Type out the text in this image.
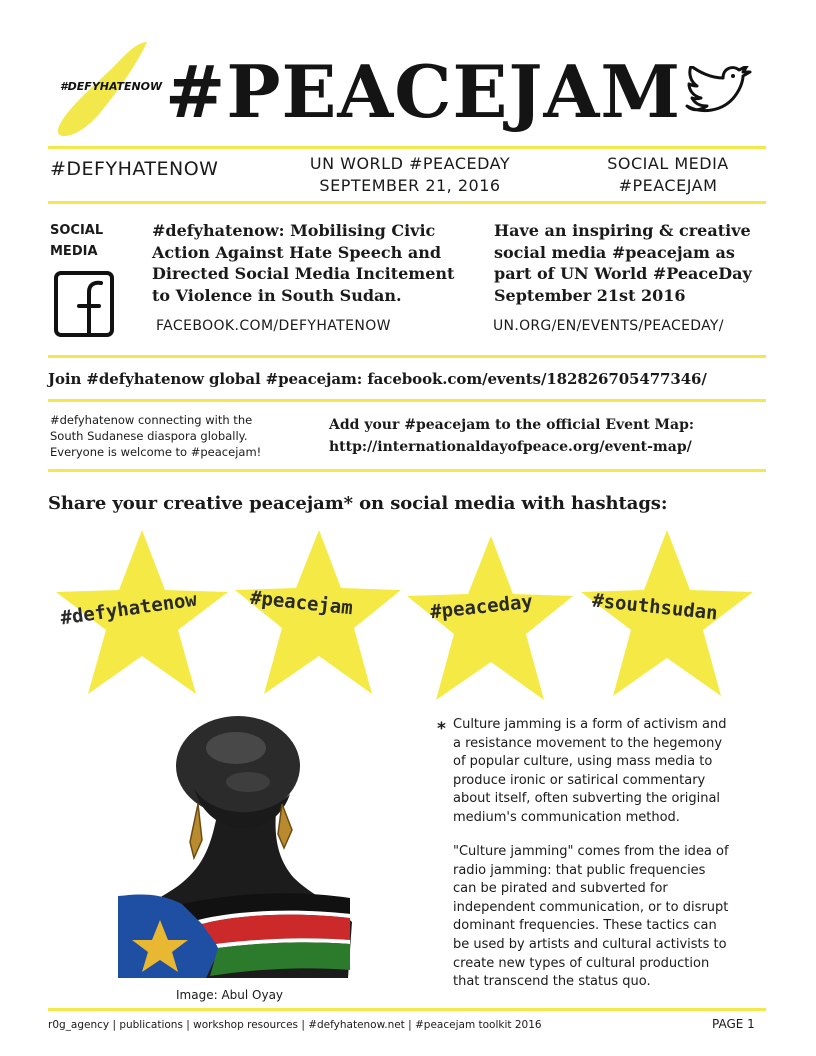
#DEFYHATENOW #PEACEJAM
#DEFYHATENOW	UN WORLD #PEACEDAY
SEPTEMBER 21, 2016
SOCIAL MEDIA
#PEACEJAM
SOCIAL
MEDIA
#defyhatenow: Mobilising Civic
Action Against Hate Speech and
Directed Social Media Incitement
to Violence in South Sudan.
FACEBOOK.COM/DEFYHATENOW
Have an inspiring & creative
social media #peacejam as
part of UN World #PeaceDay
September 21st 2016
UN.ORG/EN/EVENTS/PEACEDAY/
Join #defyhatenow global #peacejam: facebook.com/events/182826705477346/
#defyhatenow connecting with the
South Sudanese diaspora globally.
Everyone is welcome to #peacejam!
Add your #peacejam to the official Event Map:
http://internationaldayofpeace.org/event-map/
Share your creative peacejam* on social media with hashtags:
#defyhatenow	#peacejam	#peaceday	#southsudan
Image: Abul Oyay
* Culture jamming is a form of activism and
a resistance movement to the hegemony
of popular culture, using mass media to
produce ironic or satirical commentary
about itself, often subverting the original
medium's communication method.
"Culture jamming" comes from the idea of
radio jamming: that public frequencies
can be pirated and subverted for
independent communication, or to disrupt
dominant frequencies. These tactics can
be used by artists and cultural activists to
create new types of cultural production
that transcend the status quo.
r0g_agency | publications | workshop resources | #defyhatenow.net | #peacejam toolkit 2016	PAGE 1
